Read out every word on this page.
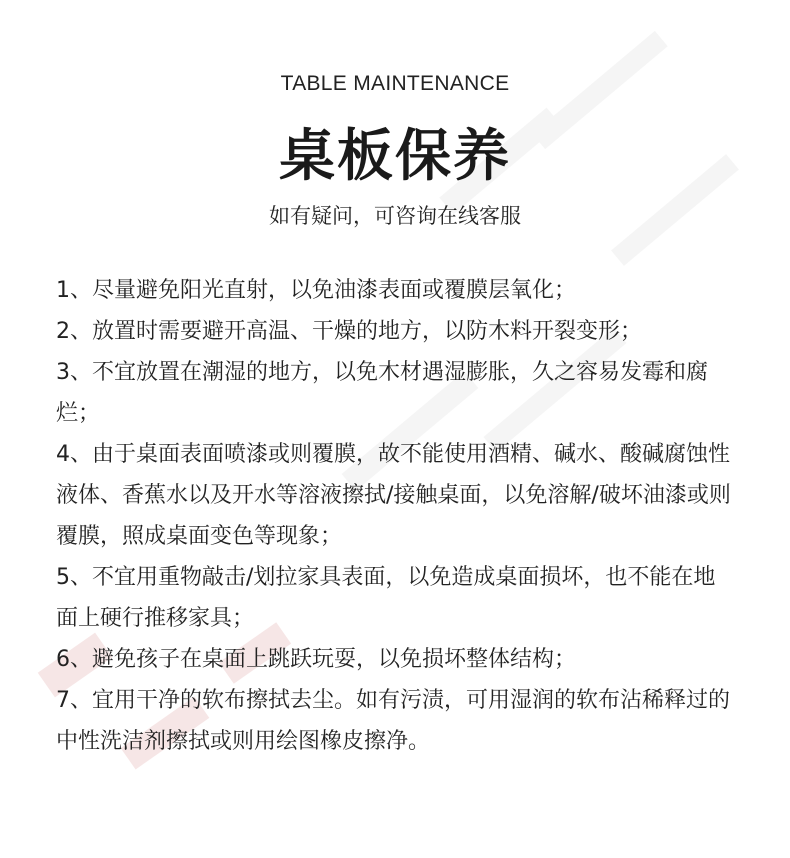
TABLE MAINTENANCE
桌板保养
如有疑问，可咨询在线客服

1、尽量避免阳光直射，以免油漆表面或覆膜层氧化；

2、放置时需要避开高温、干燥的地方，以防木料开裂变形；

3、不宜放置在潮湿的地方，以免木材遇湿膨胀，久之容易发霉和腐烂；

4、由于桌面表面喷漆或则覆膜，故不能使用酒精、碱水、酸碱腐蚀性液体、香蕉水以及开水等溶液擦拭/接触桌面，以免溶解/破坏油漆或则覆膜，照成桌面变色等现象；

5、不宜用重物敲击/划拉家具表面，以免造成桌面损坏，也不能在地面上硬行推移家具；

6、避免孩子在桌面上跳跃玩耍，以免损坏整体结构；

7、宜用干净的软布擦拭去尘。如有污渍，可用湿润的软布沾稀释过的中性洗洁剂擦拭或则用绘图橡皮擦净。
